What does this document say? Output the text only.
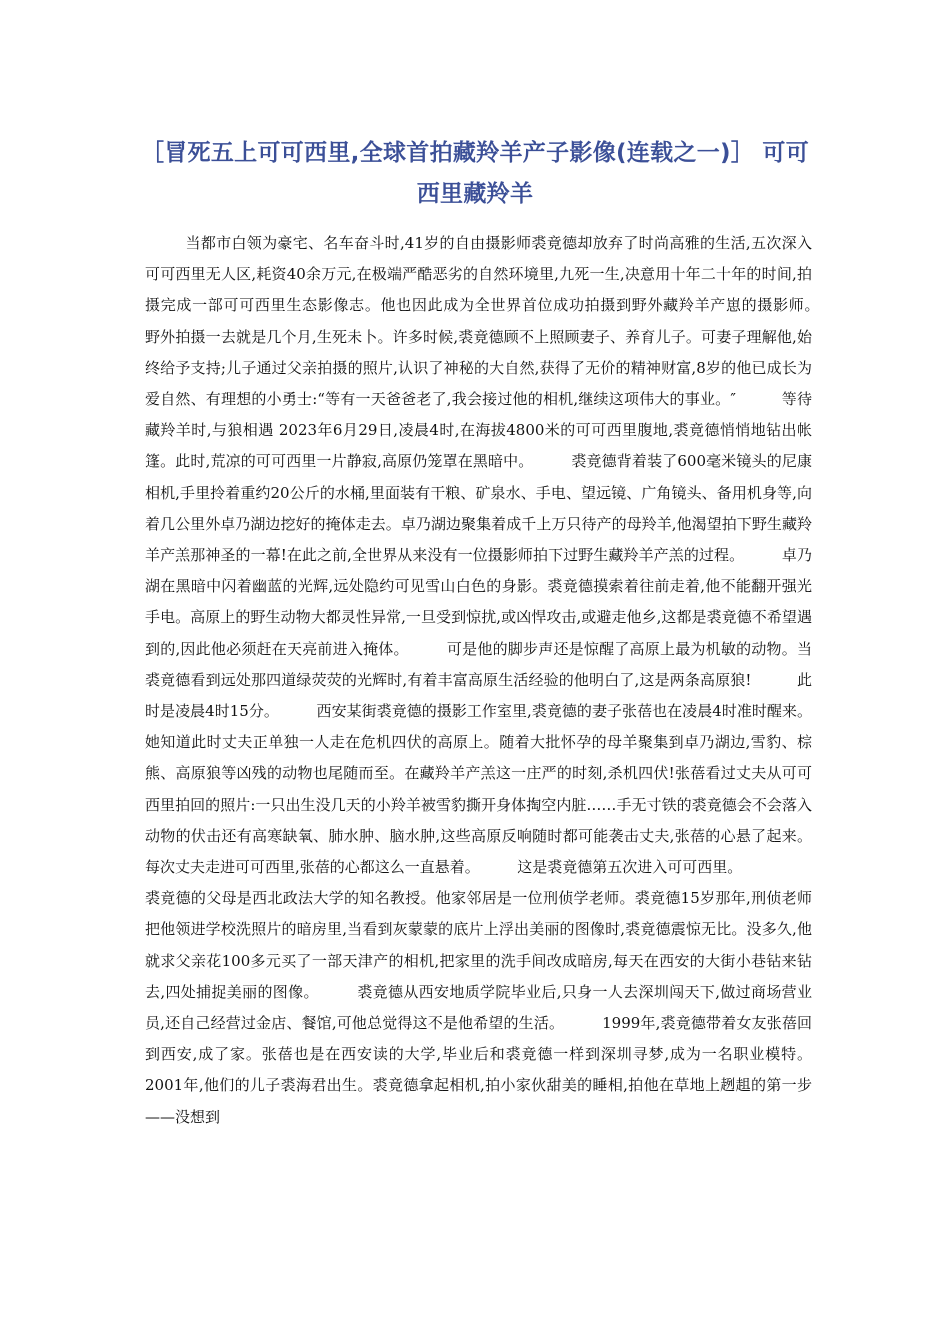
［冒死五上可可西里,全球首拍藏羚羊产子影像(连载之一)］ 可可西里藏羚羊

当都市白领为豪宅、名车奋斗时,41岁的自由摄影师裘竟德却放弃了时尚高雅的生活,五次深入可可西里无人区,耗资40余万元,在极端严酷恶劣的自然环境里,九死一生,决意用十年二十年的时间,拍摄完成一部可可西里生态影像志。他也因此成为全世界首位成功拍摄到野外藏羚羊产崽的摄影师。　　　野外拍摄一去就是几个月,生死未卜。许多时候,裘竟德顾不上照顾妻子、养育儿子。可妻子理解他,始终给予支持;儿子通过父亲拍摄的照片,认识了神秘的大自然,获得了无价的精神财富,8岁的他已成长为爱自然、有理想的小勇士:“等有一天爸爸老了,我会接过他的相机,继续这项伟大的事业。″　　　等待藏羚羊时,与狼相遇 2023年6月29日,凌晨4时,在海拔4800米的可可西里腹地,裘竟德悄悄地钻出帐篷。此时,荒凉的可可西里一片静寂,高原仍笼罩在黑暗中。　　　裘竟德背着装了600毫米镜头的尼康相机,手里拎着重约20公斤的水桶,里面装有干粮、矿泉水、手电、望远镜、广角镜头、备用机身等,向着几公里外卓乃湖边挖好的掩体走去。卓乃湖边聚集着成千上万只待产的母羚羊,他渴望拍下野生藏羚羊产羔那神圣的一幕!在此之前,全世界从来没有一位摄影师拍下过野生藏羚羊产羔的过程。　　　卓乃湖在黑暗中闪着幽蓝的光辉,远处隐约可见雪山白色的身影。裘竟德摸索着往前走着,他不能翻开强光手电。高原上的野生动物大都灵性异常,一旦受到惊扰,或凶悍攻击,或避走他乡,这都是裘竟德不希望遇到的,因此他必须赶在天亮前进入掩体。　　　可是他的脚步声还是惊醒了高原上最为机敏的动物。当裘竟德看到远处那四道绿荧荧的光辉时,有着丰富高原生活经验的他明白了,这是两条高原狼!　　　此时是凌晨4时15分。　　　西安某街裘竟德的摄影工作室里,裘竟德的妻子张蓓也在凌晨4时准时醒来。她知道此时丈夫正单独一人走在危机四伏的高原上。随着大批怀孕的母羊聚集到卓乃湖边,雪豹、棕熊、高原狼等凶残的动物也尾随而至。在藏羚羊产羔这一庄严的时刻,杀机四伏!张蓓看过丈夫从可可西里拍回的照片:一只出生没几天的小羚羊被雪豹撕开身体掏空内脏……手无寸铁的裘竟德会不会落入动物的伏击还有高寒缺氧、肺水肿、脑水肿,这些高原反响随时都可能袭击丈夫,张蓓的心悬了起来。每次丈夫走进可可西里,张蓓的心都这么一直悬着。　　　这是裘竟德第五次进入可可西里。

裘竟德的父母是西北政法大学的知名教授。他家邻居是一位刑侦学老师。裘竟德15岁那年,刑侦老师把他领进学校洗照片的暗房里,当看到灰蒙蒙的底片上浮出美丽的图像时,裘竟德震惊无比。没多久,他就求父亲花100多元买了一部天津产的相机,把家里的洗手间改成暗房,每天在西安的大街小巷钻来钻去,四处捕捉美丽的图像。　　　裘竟德从西安地质学院毕业后,只身一人去深圳闯天下,做过商场营业员,还自己经营过金店、餐馆,可他总觉得这不是他希望的生活。　　　1999年,裘竟德带着女友张蓓回到西安,成了家。张蓓也是在西安读的大学,毕业后和裘竟德一样到深圳寻梦,成为一名职业模特。2001年,他们的儿子裘海君出生。裘竟德拿起相机,拍小家伙甜美的睡相,拍他在草地上趔趄的第一步——没想到
